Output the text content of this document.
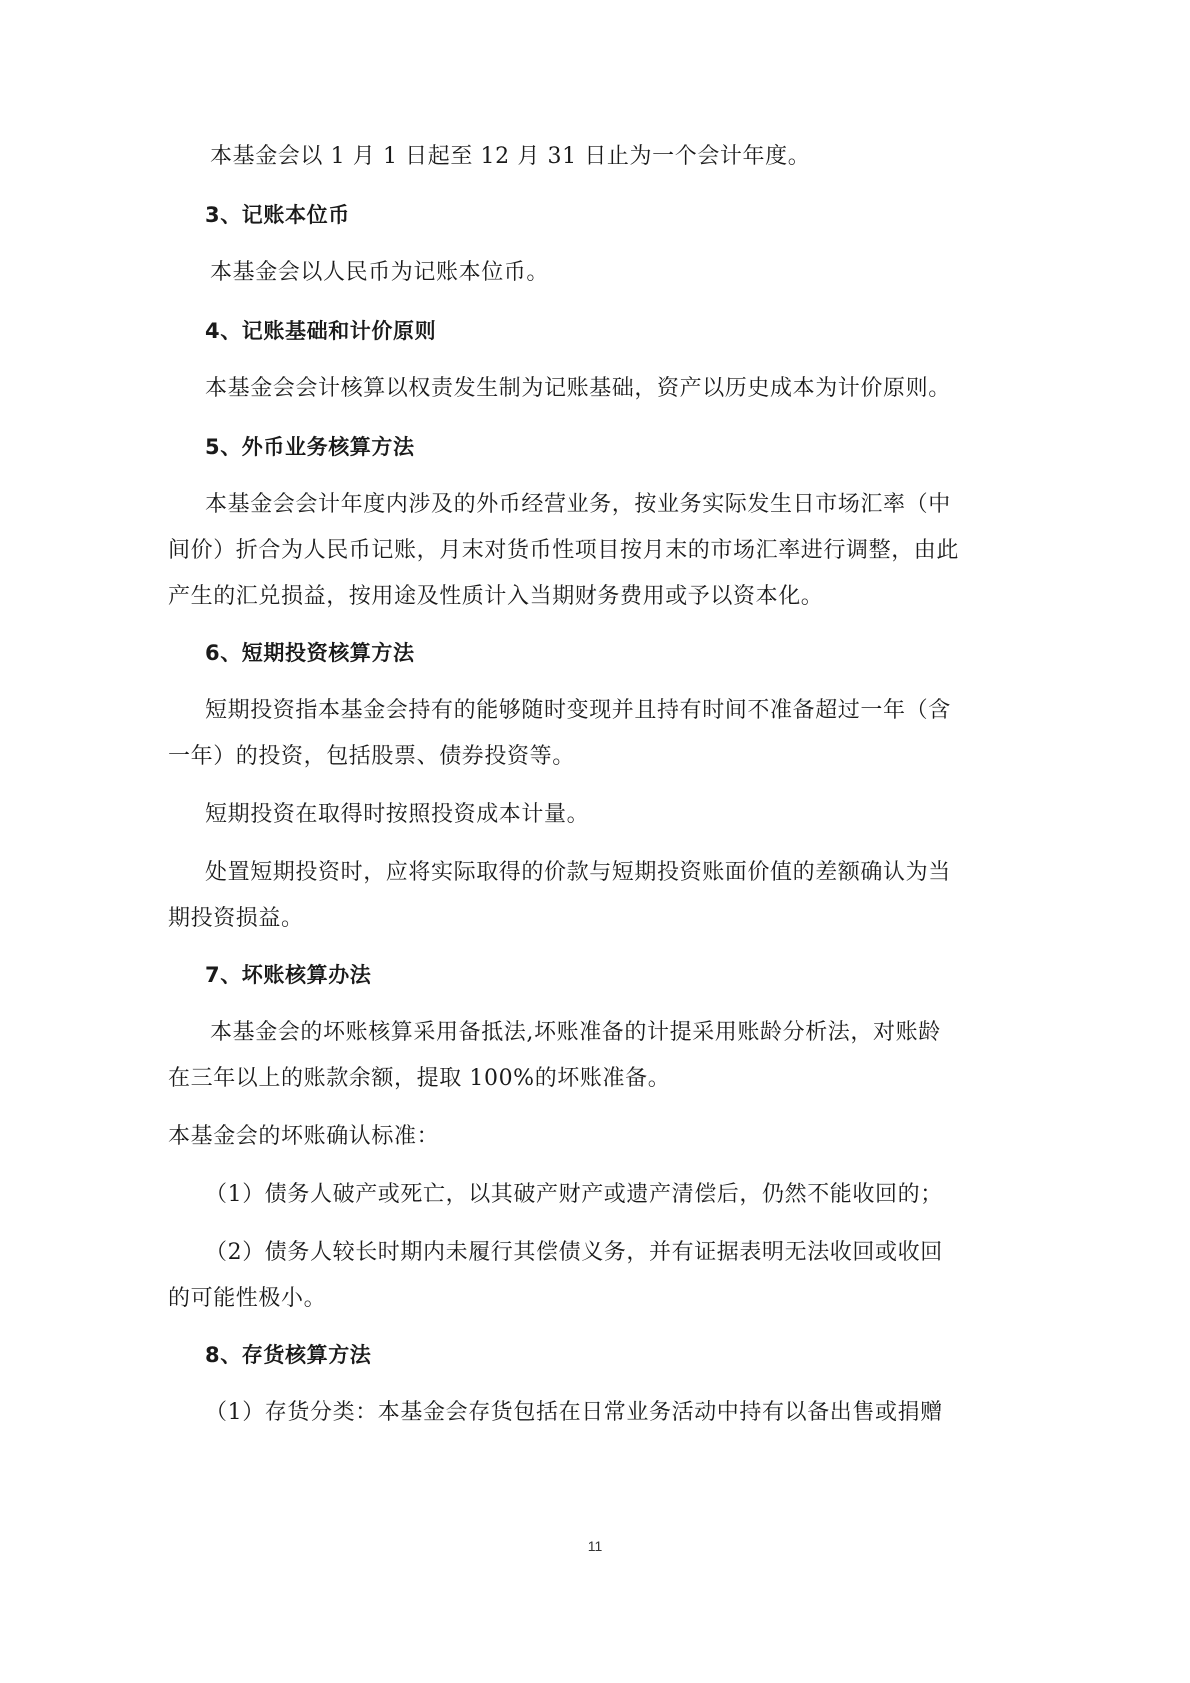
本基金会以 1 月 1 日起至 12 月 31 日止为一个会计年度。
3、记账本位币
本基金会以人民币为记账本位币。
4、记账基础和计价原则
本基金会会计核算以权责发生制为记账基础，资产以历史成本为计价原则。
5、外币业务核算方法
本基金会会计年度内涉及的外币经营业务，按业务实际发生日市场汇率（中
间价）折合为人民币记账，月末对货币性项目按月末的市场汇率进行调整，由此
产生的汇兑损益，按用途及性质计入当期财务费用或予以资本化。
6、短期投资核算方法
短期投资指本基金会持有的能够随时变现并且持有时间不准备超过一年（含
一年）的投资，包括股票、债券投资等。
短期投资在取得时按照投资成本计量。
处置短期投资时，应将实际取得的价款与短期投资账面价值的差额确认为当
期投资损益。
7、坏账核算办法
本基金会的坏账核算采用备抵法,坏账准备的计提采用账龄分析法，对账龄
在三年以上的账款余额，提取 100%的坏账准备。
本基金会的坏账确认标准：
（1）债务人破产或死亡，以其破产财产或遗产清偿后，仍然不能收回的；
（2）债务人较长时期内未履行其偿债义务，并有证据表明无法收回或收回
的可能性极小。
8、存货核算方法
（1）存货分类：本基金会存货包括在日常业务活动中持有以备出售或捐赠
11
